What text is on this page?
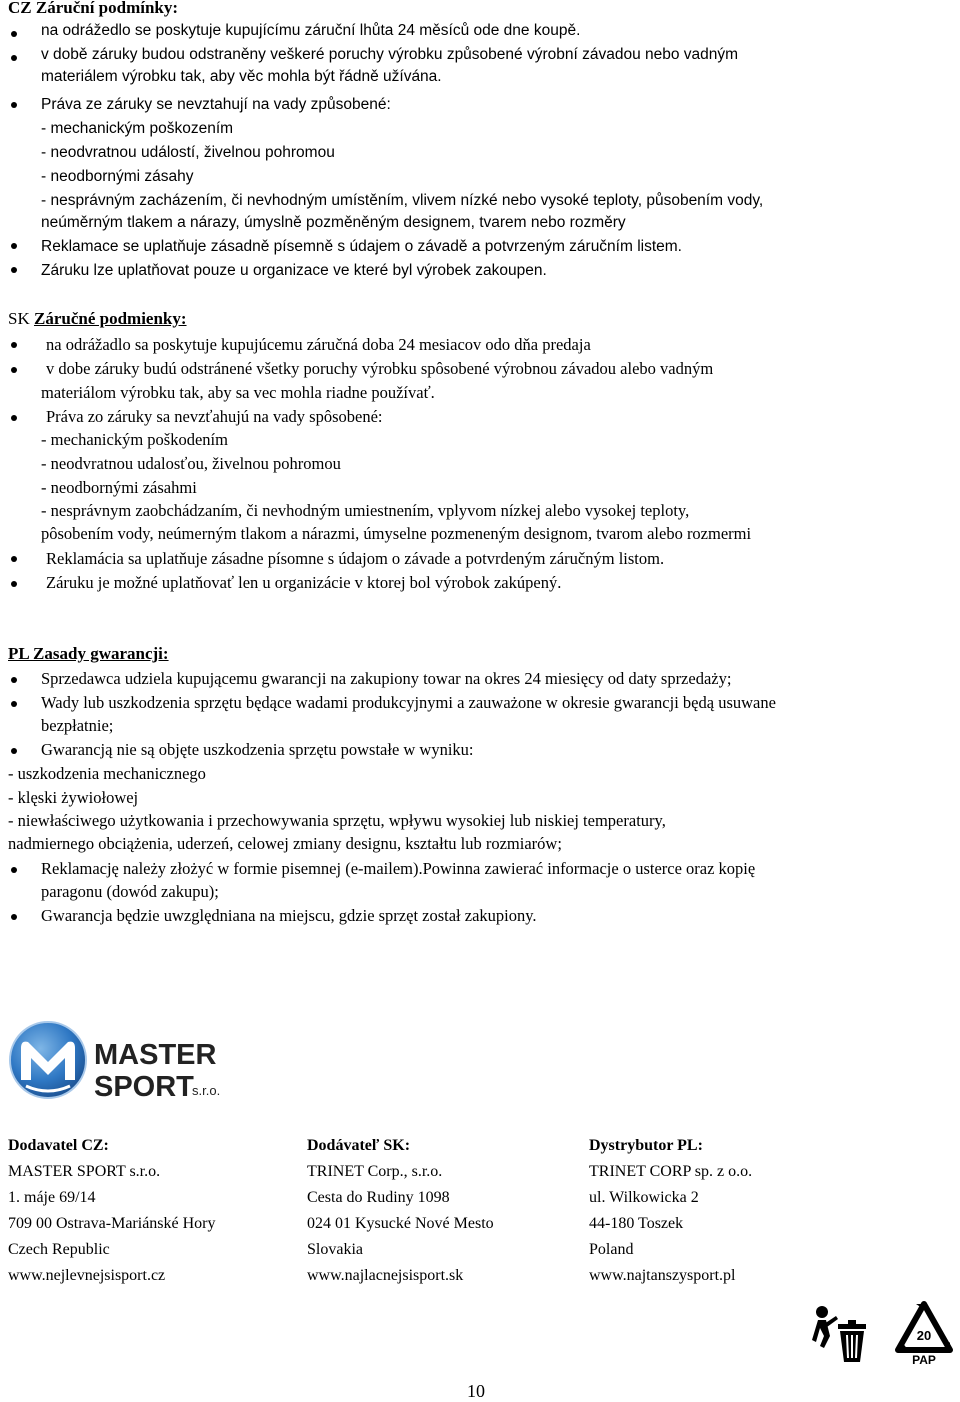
CZ Záruční podmínky:

na odrážedlo se poskytuje kupujícímu záruční lhůta 24 měsíců ode dne koupě.

v době záruky budou odstraněny veškeré poruchy výrobku způsobené výrobní závadou nebo vadným

materiálem výrobku tak, aby věc mohla být řádně užívána.

Práva ze záruky se nevztahují na vady způsobené:

- mechanickým poškozením

- neodvratnou událostí, živelnou pohromou

- neodbornými zásahy

- nesprávným zacházením, či nevhodným umístěním, vlivem nízké nebo vysoké teploty, působením vody,

neúměrným tlakem a nárazy, úmyslně pozměněným designem, tvarem nebo rozměry

Reklamace se uplatňuje zásadně písemně s údajem o závadě a potvrzeným záručním listem.

Záruku lze uplatňovat pouze u organizace ve které byl výrobek zakoupen.

SK Záručné podmienky:

na odrážadlo sa poskytuje kupujúcemu záručná doba 24 mesiacov odo dňa predaja

v dobe záruky budú odstránené všetky poruchy výrobku spôsobené výrobnou závadou alebo vadným

materiálom výrobku tak, aby sa vec mohla riadne používať.

Práva zo záruky sa nevzťahujú na vady spôsobené:

- mechanickým poškodením

- neodvratnou udalosťou, živelnou pohromou

- neodbornými zásahmi

- nesprávnym zaobchádzaním, či nevhodným umiestnením, vplyvom nízkej alebo vysokej teploty,

pôsobením vody, neúmerným tlakom a nárazmi, úmyselne pozmeneným designom, tvarom alebo rozmermi

Reklamácia sa uplatňuje zásadne písomne s údajom o závade a potvrdeným záručným listom.

Záruku je možné uplatňovať len u organizácie v ktorej bol výrobok zakúpený.

PL Zasady gwarancji:

Sprzedawca udziela kupującemu gwarancji na zakupiony towar na okres 24 miesięcy od daty sprzedaży;

Wady lub uszkodzenia sprzętu będące wadami produkcyjnymi a zauważone w okresie gwarancji będą usuwane

bezpłatnie;

Gwarancją nie są objęte uszkodzenia sprzętu powstałe w wyniku:

- uszkodzenia mechanicznego

- klęski żywiołowej

- niewłaściwego użytkowania i przechowywania sprzętu, wpływu wysokiej lub niskiej temperatury,

nadmiernego obciążenia, uderzeń, celowej zmiany designu, kształtu lub rozmiarów;

Reklamację należy złożyć w formie pisemnej (e-mailem).Powinna zawierać informacje o usterce oraz kopię

paragonu (dowód zakupu);

Gwarancja będzie uwzględniana na miejscu, gdzie sprzęt został zakupiony.

MASTER
SPORT
s.r.o.
Dodavatel CZ:
MASTER SPORT s.r.o.
1. máje 69/14
709 00 Ostrava-Mariánské Hory
Czech Republic
www.nejlevnejsisport.cz
Dodávateľ SK:
TRINET Corp., s.r.o.
Cesta do Rudiny 1098
024 01 Kysucké Nové Mesto
Slovakia
www.najlacnejsisport.sk
Dystrybutor PL:
TRINET CORP sp. z o.o.
ul. Wilkowicka 2
44-180 Toszek
Poland
www.najtanszysport.pl
20
PAP
10
